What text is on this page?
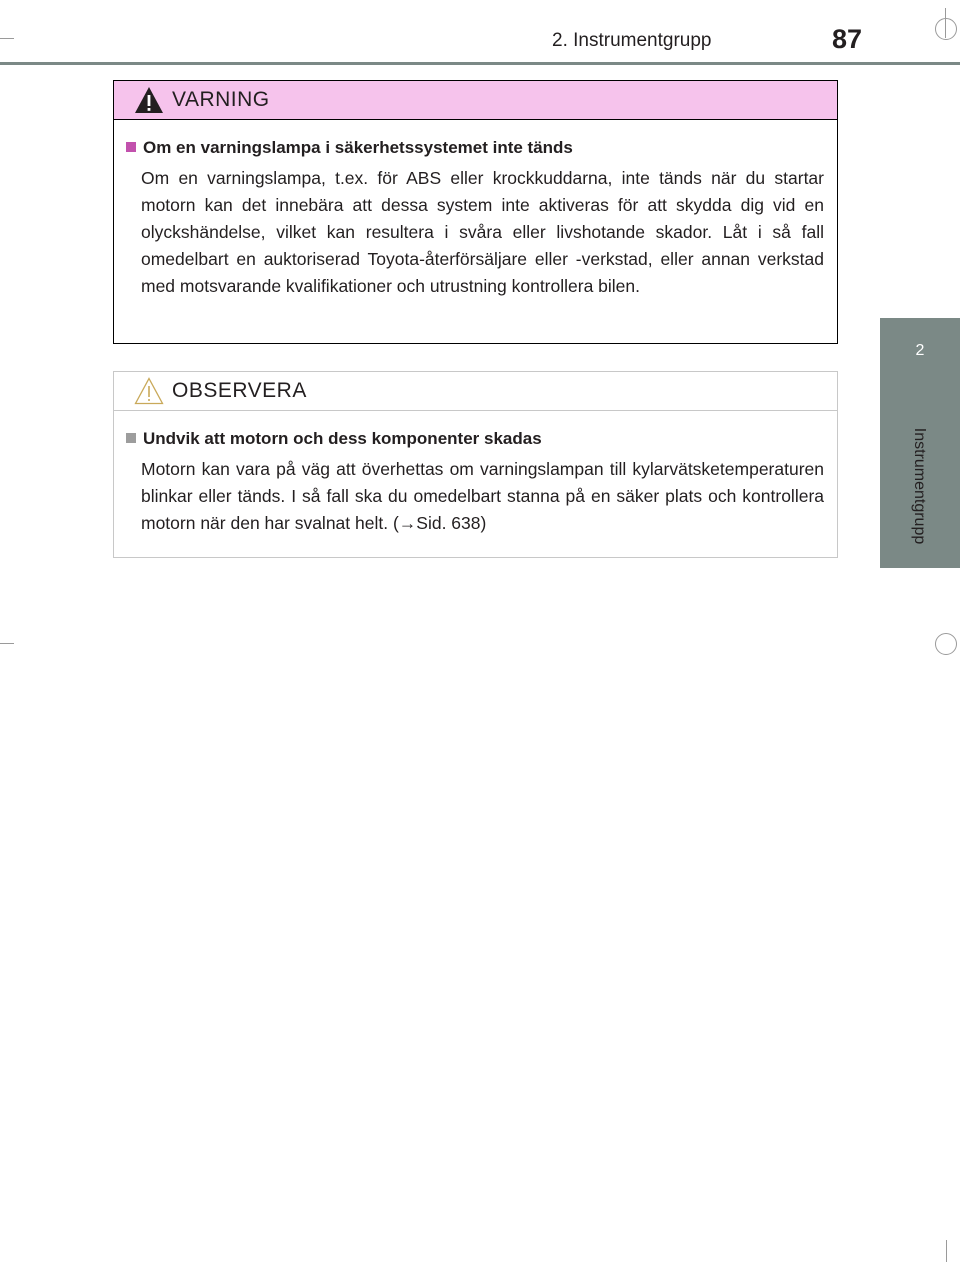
2. Instrumentgrupp	87
2
Instrumentgrupp
VARNING
Om en varningslampa i säkerhetssystemet inte tänds
Om en varningslampa, t.ex. för ABS eller krockkuddarna, inte tänds när du startar motorn kan det innebära att dessa system inte aktiveras för att skydda dig vid en olyckshändelse, vilket kan resultera i svåra eller livshotande skador. Låt i så fall omedelbart en auktoriserad Toyota-återförsäljare eller -verkstad, eller annan verkstad med motsvarande kvalifikationer och utrustning kontrollera bilen.
OBSERVERA
Undvik att motorn och dess komponenter skadas
Motorn kan vara på väg att överhettas om varningslampan till kylarvätsketemperaturen blinkar eller tänds. I så fall ska du omedelbart stanna på en säker plats och kontrollera motorn när den har svalnat helt. (→Sid. 638)
